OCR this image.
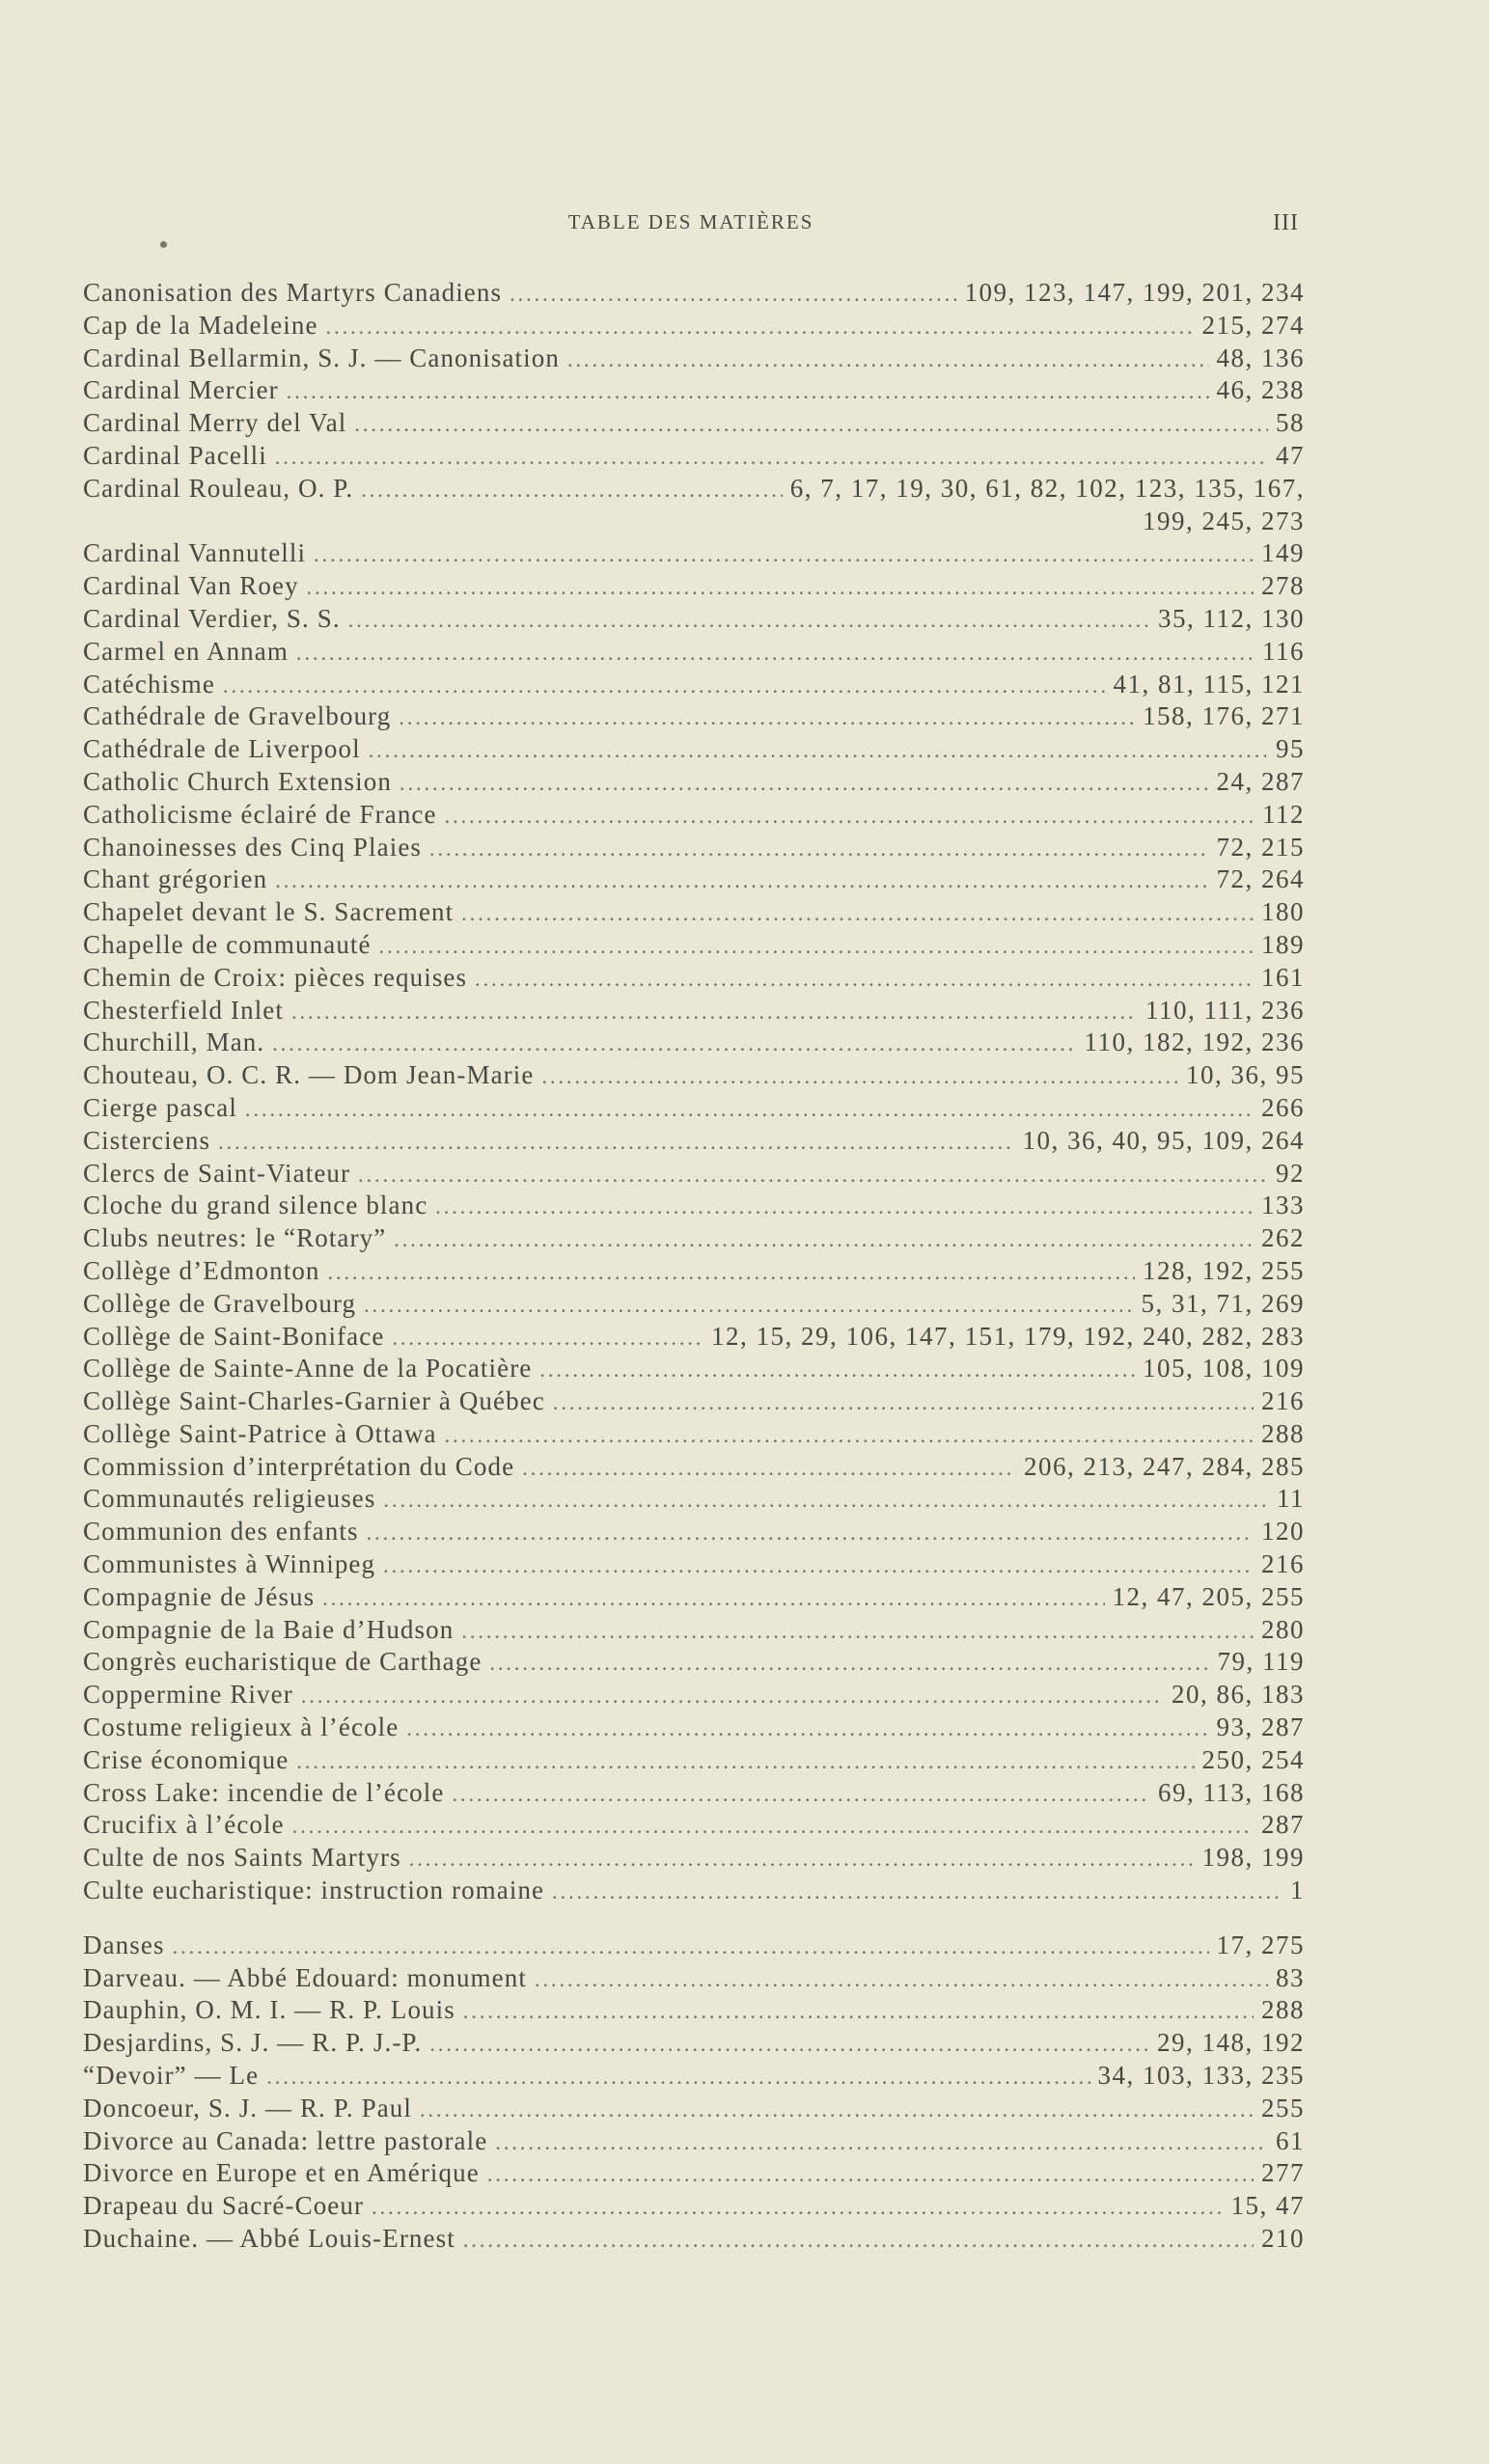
TABLE DES MATIÈRES	III
Canonisation des Martyrs Canadiens .....	109, 123, 147, 199, 201, 234
Cap de la Madeleine .....	215, 274
Cardinal Bellarmin, S. J. — Canonisation .....	48, 136
Cardinal Mercier .....	46, 238
Cardinal Merry del Val .....	58
Cardinal Pacelli .....	47
Cardinal Rouleau, O. P. .....	6, 7, 17, 19, 30, 61, 82, 102, 123, 135, 167,
199, 245, 273
Cardinal Vannutelli .....	149
Cardinal Van Roey .....	278
Cardinal Verdier, S. S. .....	35, 112, 130
Carmel en Annam .....	116
Catéchisme .....	41, 81, 115, 121
Cathédrale de Gravelbourg .....	158, 176, 271
Cathédrale de Liverpool .....	95
Catholic Church Extension .....	24, 287
Catholicisme éclairé de France .....	112
Chanoinesses des Cinq Plaies .....	72, 215
Chant grégorien .....	72, 264
Chapelet devant le S. Sacrement .....	180
Chapelle de communauté .....	189
Chemin de Croix: pièces requises .....	161
Chesterfield Inlet .....	110, 111, 236
Churchill, Man. .....	110, 182, 192, 236
Chouteau, O. C. R. — Dom Jean-Marie .....	10, 36, 95
Cierge pascal .....	266
Cisterciens .....	10, 36, 40, 95, 109, 264
Clercs de Saint-Viateur .....	92
Cloche du grand silence blanc .....	133
Clubs neutres: le “Rotary” .....	262
Collège d’Edmonton .....	128, 192, 255
Collège de Gravelbourg .....	5, 31, 71, 269
Collège de Saint-Boniface .....	12, 15, 29, 106, 147, 151, 179, 192, 240, 282, 283
Collège de Sainte-Anne de la Pocatière .....	105, 108, 109
Collège Saint-Charles-Garnier à Québec .....	216
Collège Saint-Patrice à Ottawa .....	288
Commission d’interprétation du Code .....	206, 213, 247, 284, 285
Communautés religieuses .....	11
Communion des enfants .....	120
Communistes à Winnipeg .....	216
Compagnie de Jésus .....	12, 47, 205, 255
Compagnie de la Baie d’Hudson .....	280
Congrès eucharistique de Carthage .....	79, 119
Coppermine River .....	20, 86, 183
Costume religieux à l’école .....	93, 287
Crise économique .....	250, 254
Cross Lake: incendie de l’école .....	69, 113, 168
Crucifix à l’école .....	287
Culte de nos Saints Martyrs .....	198, 199
Culte eucharistique: instruction romaine .....	1
Danses .....	17, 275
Darveau. — Abbé Edouard: monument .....	83
Dauphin, O. M. I. — R. P. Louis .....	288
Desjardins, S. J. — R. P. J.-P. .....	29, 148, 192
“Devoir” — Le .....	34, 103, 133, 235
Doncoeur, S. J. — R. P. Paul .....	255
Divorce au Canada: lettre pastorale .....	61
Divorce en Europe et en Amérique .....	277
Drapeau du Sacré-Coeur .....	15, 47
Duchaine. — Abbé Louis-Ernest .....	210
